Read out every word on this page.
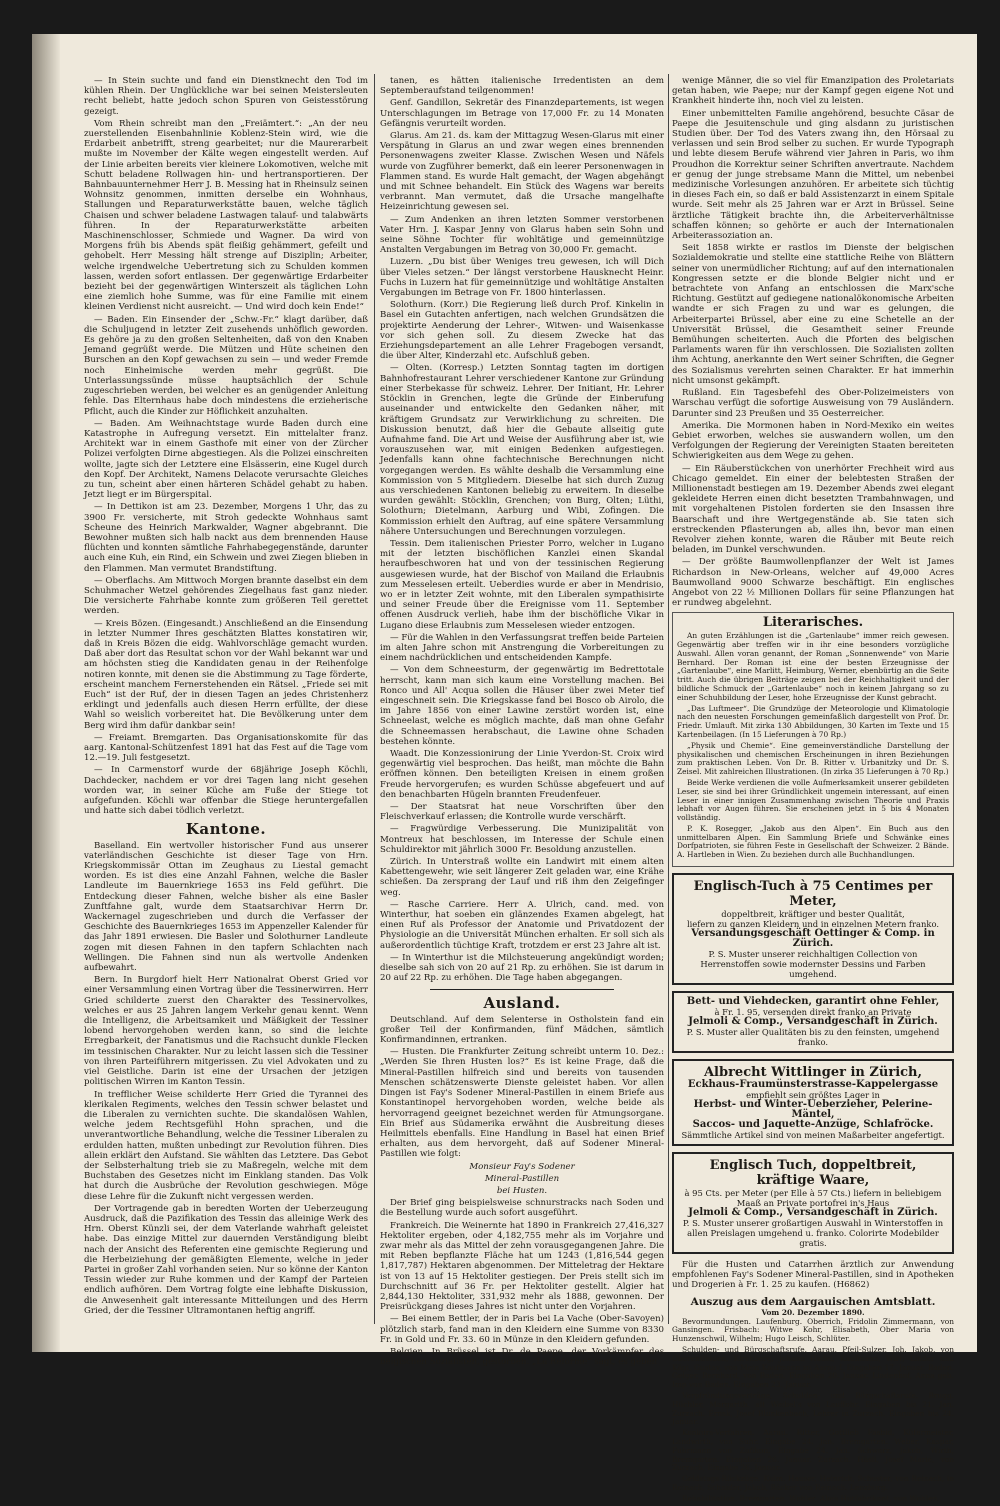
— In Stein suchte und fand ein Dienstknecht den Tod im kühlen Rhein. Der Unglückliche war bei seinen Meistersleuten recht beliebt, hatte jedoch schon Spuren von Geistesstörung gezeigt.

Vom Rhein schreibt man den „Freiämtert.“: „An der neu zuerstellenden Eisenbahnlinie Koblenz-Stein wird, wie die Erdarbeit anbetrifft, streng gearbeitet; nur die Maurerarbeit mußte im November der Kälte wegen eingestellt werden. Auf der Linie arbeiten bereits vier kleinere Lokomotiven, welche mit Schutt beladene Rollwagen hin- und hertransportieren. Der Bahnbauunternehmer Herr J. B. Messing hat in Rheinsulz seinen Wohnsitz genommen, inmitten derselbe ein Wohnhaus, Stallungen und Reparaturwerkstätte bauen, welche täglich Chaisen und schwer beladene Lastwagen talauf- und talabwärts führen. In der Reparaturwerkstätte arbeiten Maschinenschlosser, Schmiede und Wagner. Da wird von Morgens früh bis Abends spät fleißig gehämmert, gefeilt und gehobelt. Herr Messing hält strenge auf Disziplin; Arbeiter, welche irgendwelche Uebertretung sich zu Schulden kommen lassen, werden sofort entlassen. Der gegenwärtige Erdarbeiter bezieht bei der gegenwärtigen Winterszeit als täglichen Lohn eine ziemlich hohe Summe, was für eine Familie mit einem kleinen Verdienst nicht ausreicht. — Und wird doch kein Ende!“

— Baden. Ein Einsender der „Schw.-Fr.“ klagt darüber, daß die Schuljugend in letzter Zeit zusehends unhöflich geworden. Es gehöre ja zu den großen Seltenheiten, daß von den Knaben Jemand gegrüßt werde. Die Mützen und Hüte scheinen den Burschen an den Kopf gewachsen zu sein — und weder Fremde noch Einheimische werden mehr gegrüßt. Die Unterlassungssünde müsse hauptsächlich der Schule zugeschrieben werden, bei welcher es an genügender Anleitung fehle. Das Elternhaus habe doch mindestens die erzieherische Pflicht, auch die Kinder zur Höflichkeit anzuhalten.

— Baden. Am Weihnachtstage wurde Baden durch eine Katastrophe in Aufregung versetzt. Ein mittelalter franz. Architekt war in einem Gasthofe mit einer von der Zürcher Polizei verfolgten Dirne abgestiegen. Als die Polizei einschreiten wollte, jagte sich der Letztere eine Elsässerin, eine Kugel durch den Kopf. Der Architekt, Namens Delacote verursachte Gleiches zu tun, scheint aber einen härteren Schädel gehabt zu haben. Jetzt liegt er im Bürgerspital.

— In Dettikon ist am 23. Dezember, Morgens 1 Uhr, das zu 3900 Fr. versicherte, mit Stroh gedeckte Wohnhaus samt Scheune des Heinrich Markwalder, Wagner abgebrannt. Die Bewohner mußten sich halb nackt aus dem brennenden Hause flüchten und konnten sämtliche Fahrhabegegenstände, darunter auch eine Kuh, ein Rind, ein Schwein und zwei Ziegen blieben in den Flammen. Man vermutet Brandstiftung.

— Oberflachs. Am Mittwoch Morgen brannte daselbst ein dem Schuhmacher Wetzel gehörendes Ziegelhaus fast ganz nieder. Die versicherte Fahrhabe konnte zum größeren Teil gerettet werden.

— Kreis Bözen. (Eingesandt.) Anschließend an die Einsendung in letzter Nummer Ihres geschätzten Blattes konstatiren wir, daß in Kreis Bözen die eidg. Wahlvorschläge gemacht wurden. Daß aber dort das Resultat schon vor der Wahl bekannt war und am höchsten stieg die Kandidaten genau in der Reihenfolge notiren konnte, mit denen sie die Abstimmung zu Tage förderte, erscheint manchem Fernerstehenden ein Rätsel. „Friede sei mit Euch“ ist der Ruf, der in diesen Tagen an jedes Christenherz erklingt und jedenfalls auch diesen Herrn erfüllte, der diese Wahl so weislich vorbereitet hat. Die Bevölkerung unter dem Berg wird ihm dafür dankbar sein!

— Freiamt. Bremgarten. Das Organisationskomite für das aarg. Kantonal-Schützenfest 1891 hat das Fest auf die Tage vom 12.—19. Juli festgesetzt.

— In Carmenstorf wurde der 68jährige Joseph Köchli, Dachdecker, nachdem er vor drei Tagen lang nicht gesehen worden war, in seiner Küche am Fuße der Stiege tot aufgefunden. Köchli war offenbar die Stiege heruntergefallen und hatte sich dabei tödlich verletzt.

Kantone.

Baselland. Ein wertvoller historischer Fund aus unserer vaterländischen Geschichte ist dieser Tage von Hrn. Kriegskommissär Ottan im Zeughaus zu Liestal gemacht worden. Es ist dies eine Anzahl Fahnen, welche die Basler Landleute im Bauernkriege 1653 ins Feld geführt. Die Entdeckung dieser Fahnen, welche bisher als eine Basler Zunftfahne galt, wurde dem Staatsarchivar Herrn Dr. Wackernagel zugeschrieben und durch die Verfasser der Geschichte des Bauernkrieges 1653 im Appenzeller Kalender für das Jahr 1891 erwiesen. Die Basler und Solothurner Landleute zogen mit diesen Fahnen in den tapfern Schlachten nach Wellingen. Die Fahnen sind nun als wertvolle Andenken aufbewahrt.

Bern. In Burgdorf hielt Herr Nationalrat Oberst Gried vor einer Versammlung einen Vortrag über die Tessinerwirren. Herr Gried schilderte zuerst den Charakter des Tessinervolkes, welches er aus 25 Jahren langem Verkehr genau kennt. Wenn die Intelligenz, die Arbeitsamkeit und Mäßigkeit der Tessiner lobend hervorgehoben werden kann, so sind die leichte Erregbarkeit, der Fanatismus und die Rachsucht dunkle Flecken im tessinischen Charakter. Nur zu leicht lassen sich die Tessiner von ihren Parteiführern mitgerissen. Zu viel Advokaten und zu viel Geistliche. Darin ist eine der Ursachen der jetzigen politischen Wirren im Kanton Tessin.

In trefflicher Weise schilderte Herr Gried die Tyrannei des klerikalen Regiments, welches den Tessin schwer belastet und die Liberalen zu vernichten suchte. Die skandalösen Wahlen, welche jedem Rechtsgefühl Hohn sprachen, und die unverantwortliche Behandlung, welche die Tessiner Liberalen zu erdulden hatten, mußten unbedingt zur Revolution führen. Dies allein erklärt den Aufstand. Sie wählten das Letztere. Das Gebot der Selbsterhaltung trieb sie zu Maßregeln, welche mit dem Buchstaben des Gesetzes nicht im Einklang standen. Das Volk hat durch die Ausbrüche der Revolution geschwiegen. Möge diese Lehre für die Zukunft nicht vergessen werden.

Der Vortragende gab in beredten Worten der Ueberzeugung Ausdruck, daß die Pazifikation des Tessin das alleinige Werk des Hrn. Oberst Künzli sei, der dem Vaterlande wahrhaft geleistet habe. Das einzige Mittel zur dauernden Verständigung bleibt nach der Ansicht des Referenten eine gemischte Regierung und die Herbeiziehung der gemäßigten Elemente, welche in jeder Partei in großer Zahl vorhanden seien. Nur so könne der Kanton Tessin wieder zur Ruhe kommen und der Kampf der Parteien endlich aufhören. Dem Vortrag folgte eine lebhafte Diskussion, die Anwesenheit galt interessante Mitteilungen und des Herrn Gried, der die Tessiner Ultramontanen heftig angriff.

tanen, es hätten italienische Irredentisten an dem Septemberaufstand teilgenommen!

Genf. Gandillon, Sekretär des Finanzdepartements, ist wegen Unterschlagungen im Betrage von 17,000 Fr. zu 14 Monaten Gefängnis verurteilt worden.

Glarus. Am 21. ds. kam der Mittagzug Wesen-Glarus mit einer Verspätung in Glarus an und zwar wegen eines brennenden Personenwagens zweiter Klasse. Zwischen Wesen und Näfels wurde von Zugführer bemerkt, daß ein leerer Personenwagen in Flammen stand. Es wurde Halt gemacht, der Wagen abgehängt und mit Schnee behandelt. Ein Stück des Wagens war bereits verbrannt. Man vermutet, daß die Ursache mangelhafte Heizeinrichtung gewesen sei.

— Zum Andenken an ihren letzten Sommer verstorbenen Vater Hrn. J. Kaspar Jenny von Glarus haben sein Sohn und seine Söhne Tochter für wohltätige und gemeinnützige Anstalten Vergabungen im Betrag von 30,000 Fr. gemacht.

Luzern. „Du bist über Weniges treu gewesen, ich will Dich über Vieles setzen.“ Der längst verstorbene Hausknecht Heinr. Fuchs in Luzern hat für gemeinnützige und wohltätige Anstalten Vergabungen im Betrage von Fr. 1800 hinterlassen.

Solothurn. (Korr.) Die Regierung ließ durch Prof. Kinkelin in Basel ein Gutachten anfertigen, nach welchen Grundsätzen die projektirte Aenderung der Lehrer-, Witwen- und Waisenkasse vor sich gehen soll. Zu diesem Zwecke hat das Erziehungsdepartement an alle Lehrer Fragebogen versandt, die über Alter, Kinderzahl etc. Aufschluß geben.

— Olten. (Korresp.) Letzten Sonntag tagten im dortigen Bahnhofrestaurant Lehrer verschiedener Kantone zur Gründung einer Sterbekasse für schweiz. Lehrer. Der Initiant, Hr. Lehrer Stöcklin in Grenchen, legte die Gründe der Einberufung auseinander und entwickelte den Gedanken näher, mit kräftigem Grundsatz zur Verwirklichung zu schreiten. Die Diskussion benutzt, daß hier die Gebaute allseitig gute Aufnahme fand. Die Art und Weise der Ausführung aber ist, wie vorauszusehen war, mit einigen Bedenken aufgestiegen. Jedenfalls kann ohne fachtechnische Berechnungen nicht vorgegangen werden. Es wählte deshalb die Versammlung eine Kommission von 5 Mitgliedern. Dieselbe hat sich durch Zuzug aus verschiedenen Kantonen beliebig zu erweitern. In dieselbe wurden gewählt: Stöcklin, Grenchen; von Burg, Olten; Lüthi, Solothurn; Dietelmann, Aarburg und Wibi, Zofingen. Die Kommission erhielt den Auftrag, auf eine spätere Versammlung nähere Untersuchungen und Berechnungen vorzulegen.

Tessin. Dem italienischen Priester Porro, welcher in Lugano mit der letzten bischöflichen Kanzlei einen Skandal heraufbeschworen hat und von der tessinischen Regierung ausgewiesen wurde, hat der Bischof von Mailand die Erlaubnis zum Messelesen erteilt. Ueberdies wurde er aber in Mendrisio, wo er in letzter Zeit wohnte, mit den Liberalen sympathisirte und seiner Freude über die Ereignisse vom 11. September offenen Ausdruck verlieh, habe ihm der bischöfliche Vikar in Lugano diese Erlaubnis zum Messelesen wieder entzogen.

— Für die Wahlen in den Verfassungsrat treffen beide Parteien im alten Jahre schon mit Anstrengung die Vorbereitungen zu einem nachdrücklichen und entscheidenden Kampfe.

— Von dem Schneesturm, der gegenwärtig im Bedrettotale herrscht, kann man sich kaum eine Vorstellung machen. Bei Ronco und All' Acqua sollen die Häuser über zwei Meter tief eingeschneit sein. Die Kriegskasse fand bei Bosco ob Airolo, die im Jahre 1856 von einer Lawine zerstört worden ist, eine Schneelast, welche es möglich machte, daß man ohne Gefahr die Schneemassen herabschaut, die Lawine ohne Schaden bestehen könnte.

Waadt. Die Konzessionirung der Linie Yverdon-St. Croix wird gegenwärtig viel besprochen. Das heißt, man möchte die Bahn eröffnen können. Den beteiligten Kreisen in einem großen Freude hervorgerufen; es wurden Schüsse abgefeuert und auf den benachbarten Hügeln brannten Freudenfeuer.

— Der Staatsrat hat neue Vorschriften über den Fleischverkauf erlassen; die Kontrolle wurde verschärft.

— Fragwürdige Verbesserung. Die Munizipalität von Montreux hat beschlossen, im Interesse der Schule einen Schuldirektor mit jährlich 3000 Fr. Besoldung anzustellen.

Zürich. In Unterstraß wollte ein Landwirt mit einem alten Kabettengewehr, wie seit längerer Zeit geladen war, eine Krähe schießen. Da zersprang der Lauf und riß ihm den Zeigefinger weg.

— Rasche Carriere. Herr A. Ulrich, cand. med. von Winterthur, hat soeben ein glänzendes Examen abgelegt, hat einen Ruf als Professor der Anatomie und Privatdozent der Physiologie an die Universität München erhalten. Er soll sich als außerordentlich tüchtige Kraft, trotzdem er erst 23 Jahre alt ist.

— In Winterthur ist die Milchsteuerung angekündigt worden; dieselbe sah sich von 20 auf 21 Rp. zu erhöhen. Sie ist darum in 20 auf 22 Rp. zu erhöhen. Die Tage haben abgegangen.

Ausland.

Deutschland. Auf dem Selenterse in Ostholstein fand ein großer Teil der Konfirmanden, fünf Mädchen, sämtlich Konfirmandinnen, ertranken.

— Husten. Die Frankfurter Zeitung schreibt unterm 10. Dez.: „Werden Sie Ihren Husten los?“ Es ist keine Frage, daß die Mineral-Pastillen hilfreich sind und bereits von tausenden Menschen schätzenswerte Dienste geleistet haben. Vor allen Dingen ist Fay's Sodener Mineral-Pastillen in einem Briefe aus Konstantinopel hervorgehoben worden, welche beide als hervorragend geeignet bezeichnet werden für Atmungsorgane. Ein Brief aus Südamerika erwähnt die Ausbreitung dieses Heilmittels ebenfalls. Eine Handlung in Basel hat einen Brief erhalten, aus dem hervorgeht, daß auf Sodener Mineral-Pastillen wie folgt:

Monsieur Fay's Sodener
Mineral-Pastillen
bei Husten.

Der Brief ging beispielsweise schnurstracks nach Soden und die Bestellung wurde auch sofort ausgeführt.

Frankreich. Die Weinernte hat 1890 in Frankreich 27,416,327 Hektoliter ergeben, oder 4,182,755 mehr als im Vorjahre und zwar mehr als das Mittel der zehn vorausgegangenen Jahre. Die mit Reben bepflanzte Fläche hat um 1243 (1,816,544 gegen 1,817,787) Hektaren abgenommen. Der Mitteletrag der Hektare ist von 13 auf 15 Hektoliter gestiegen. Der Preis stellt sich im Durchschnitt auf 36 Fr. per Hektoliter gestellt. Algier hat 2,844,130 Hektoliter, 331,932 mehr als 1888, gewonnen. Der Preisrückgang dieses Jahres ist nicht unter den Vorjahren.

— Bei einem Bettler, der in Paris bei La Vache (Ober-Savoyen) plötzlich starb, fand man in den Kleidern eine Summe von 8330 Fr. in Gold und Fr. 33. 60 in Münze in den Kleidern gefunden.

Belgien. In Brüssel ist Dr. de Paepe, der Vorkämpfer des belgischen Sozialisten, gestorben. „La Reforme“ sagt, es geben

wenige Männer, die so viel für Emanzipation des Proletariats getan haben, wie Paepe; nur der Kampf gegen eigene Not und Krankheit hinderte ihn, noch viel zu leisten.

Einer unbemittelten Familie angehörend, besuchte Cäsar de Paepe die Jesuitenschule und ging alsdann zu juristischen Studien über. Der Tod des Vaters zwang ihn, den Hörsaal zu verlassen und sein Brod selber zu suchen. Er wurde Typograph und lebte diesem Berufe während vier Jahren in Paris, wo ihm Proudhon die Korrektur seiner Schriften anvertraute. Nachdem er genug der junge strebsame Mann die Mittel, um nebenbei medizinische Vorlesungen anzuhören. Er arbeitete sich tüchtig in dieses Fach ein, so daß er bald Assistenzarzt in einem Spitale wurde. Seit mehr als 25 Jahren war er Arzt in Brüssel. Seine ärztliche Tätigkeit brachte ihn, die Arbeiterverhältnisse schaffen können; so gehörte er auch der Internationalen Arbeiterassoziation an.

Seit 1858 wirkte er rastlos im Dienste der belgischen Sozialdemokratie und stellte eine stattliche Reihe von Blättern seiner von unermüdlicher Richtung; auf auf den internationalen Kongressen setzte er die blonde Belgier nicht und er betrachtete von Anfang an entschlossen die Marx'sche Richtung. Gestützt auf gediegene nationalökonomische Arbeiten wandte er sich Fragen zu und war es gelungen, die Arbeiterpartei Brüssel, aber eine zu eine Schetelle an der Universität Brüssel, die Gesamtheit seiner Freunde Bemühungen scheiterten. Auch die Pforten des belgischen Parlaments waren für ihn verschlossen. Die Sozialisten zollten ihm Achtung, anerkannte den Wert seiner Schriften, die Gegner des Sozialismus verehrten seinen Charakter. Er hat immerhin nicht umsonst gekämpft.

Rußland. Ein Tagesbefehl des Ober-Polizeimeisters von Warschau verfügt die sofortige Ausweisung von 79 Ausländern. Darunter sind 23 Preußen und 35 Oesterreicher.

Amerika. Die Mormonen haben in Nord-Mexiko ein weites Gebiet erworben, welches sie auswandern wollen, um den Verfolgungen der Regierung der Vereinigten Staaten bereiteten Schwierigkeiten aus dem Wege zu gehen.

— Ein Räuberstückchen von unerhörter Frechheit wird aus Chicago gemeldet. Ein einer der belebtesten Straßen der Millionenstadt bestiegen am 19. Dezember Abends zwei elegant gekleidete Herren einen dicht besetzten Trambahnwagen, und mit vorgehaltenen Pistolen forderten sie den Insassen ihre Baarschaft und ihre Wertgegenstände ab. Sie taten sich erstreckenden Pflasterungen ab, alles ihn, bevor man einen Revolver ziehen konnte, waren die Räuber mit Beute reich beladen, im Dunkel verschwunden.

— Der größte Baumwollenpflanzer der Welt ist James Richardson in New-Orleans, welcher auf 49,000 Acres Baumwolland 9000 Schwarze beschäftigt. Ein englisches Angebot von 22 ½ Millionen Dollars für seine Pflanzungen hat er rundweg abgelehnt.

Literarisches.

An guten Erzählungen ist die „Gartenlaube“ immer reich gewesen. Gegenwärtig aber treffen wir in ihr eine besonders vorzügliche Auswahl. Allen voran genannt, der Roman „Sonnenwende“ von Marie Bernhard. Der Roman ist eine der besten Erzeugnisse der „Gartenlaube“, eine Marlitt, Heimburg, Werner, ebenbürtig an die Seite tritt. Auch die übrigen Beiträge zeigen bei der Reichhaltigkeit und der bildliche Schmuck der „Gartenlaube“ noch in keinem Jahrgang so zu einer Schuhbildung der Leser, hohe Erzeugnisse der Kunst gebracht.

„Das Luftmeer“. Die Grundzüge der Meteorologie und Klimatologie nach den neuesten Forschungen gemeinfaßlich dargestellt von Prof. Dr. Friedr. Umlauft. Mit zirka 130 Abbildungen, 30 Karten im Texte und 15 Kartenbeilagen. (In 15 Lieferungen à 70 Rp.)

„Physik und Chemie“. Eine gemeinverständliche Darstellung der physikalischen und chemischen Erscheinungen in ihren Beziehungen zum praktischen Leben. Von Dr. B. Ritter v. Urbanitzky und Dr. S. Zeisel. Mit zahlreichen Illustrationen. (In zirka 35 Lieferungen à 70 Rp.)

Beide Werke verdienen die volle Aufmerksamkeit unserer gebildeten Leser, sie sind bei ihrer Gründlichkeit ungemein interessant, auf einen Leser in einer innigen Zusammenhang zwischen Theorie und Praxis lebhaft vor Augen führen. Sie erscheinen jetzt in 5 bis 4 Monaten vollständig.

P. K. Rosegger, „Jakob aus den Alpen“. Ein Buch aus den unmittelbaren Alpen. Ein Sammlung Briefe und Schwänke eines Dorfpatrioten, sie führen Feste in Gesellschaft der Schweizer. 2 Bände. A. Hartleben in Wien. Zu beziehen durch alle Buchhandlungen.

Englisch-Tuch à 75 Centimes per Meter,
doppeltbreit, kräftiger und bester Qualität,
liefern zu ganzen Kleidern und in einzelnen Metern franko.
Versandungsgeschäft Oettinger & Comp. in Zürich.
P. S. Muster unserer reichhaltigen Collection von Herrenstoffen sowie modernster Dessins und Farben umgehend.
Bett- und Viehdecken, garantirt ohne Fehler,
à Fr. 1. 95, versenden direkt franko an Private
Jelmoli & Comp., Versandgeschäft in Zürich.
P. S. Muster aller Qualitäten bis zu den feinsten, umgehend franko.
Albrecht Wittlinger in Zürich,
Eckhaus-Fraumünsterstrasse-Kappelergasse
empfiehlt sein größtes Lager in
Herbst- und Winter-Ueberzieher, Pelerine-Mäntel,
Saccos- und Jaquette-Anzüge, Schlafröcke.
Sämmtliche Artikel sind von meinen Maßarbeiter angefertigt.
Englisch Tuch, doppeltbreit, kräftige Waare,
à 95 Cts. per Meter (per Elle à 57 Cts.) liefern in beliebigem Maaß an Private portofrei in's Haus
Jelmoli & Comp., Versandgeschäft in Zürich.
P. S. Muster unserer großartigen Auswahl in Winterstoffen in allen Preislagen umgehend u. franko. Colorirte Modebilder gratis.

Für die Husten und Catarrhen ärztlich zur Anwendung empfohlenen Fay's Sodener Mineral-Pastillen, sind in Apotheken und Drogerien à Fr. 1. 25 zu kaufen. (H6862)

Auszug aus dem Aargauischen Amtsblatt.
Vom 20. Dezember 1890.

Bevormundungen. Laufenburg. Oberrich, Fridolin Zimmermann, von Gansingen. Frisbach: Witwe Kohr, Elisabeth, Ober Maria von Hunzenschwil, Wilhelm; Hugo Leisch, Schlüter.

Schulden- und Bürgschaftsrufe. Aarau. Pfeil-Sulzer, Joh. Jakob, von Oberentfelden, Kirchberg, Johann Hadel, Kaufmann, Wirt; Linder und Kägi, Gustav, von Mein Kaufmann zu Aarau f. Eingaben 17. Januar. Baden. Geiger, Bernhard, von Baden, Eingaben 20. Januar. Lindenhof, Anna geb. Imp von Baden. Eingaben 23. Januar.

Verpfründungsverträge, Schulden- und Bürgschaftsrufe. Brugg. Hüchler, Margarith, alt Weibel's von Lauffohr. Eingaben bis 21. Jan. Zurzach. Ernsk, Josef Blunkenbach, Lehrer in Zurzach. Eingaben bis 24. Januar.

Konkurs-Verfahren. Aarau. Ritter, Gottlieb Fasbid, Küfermeister, Landwirth, von Suhr. Eingabe 24. Jan. Bremgarten. Weber, Kaspar, Fuhrmann von Zufikon. Eingabe 24. Jan. Schwarz, Jakob, Wirth, Bremgarten. Eingaben 26. Januar. Zurzach. Häsli, Josef Marie, von Zurzach, Eingabe 26. Januar.

Geldstags-Rückzüge. Kulm. Hauser, Heinrich, Schuster, von Reinach, in Reinach, Schnider, Jakob, Bäcker von Reinach. Lenzburg.

Rehabilitation. Bremgarten. Wohler, Alois Hutfabrikant, von Wohlen.
